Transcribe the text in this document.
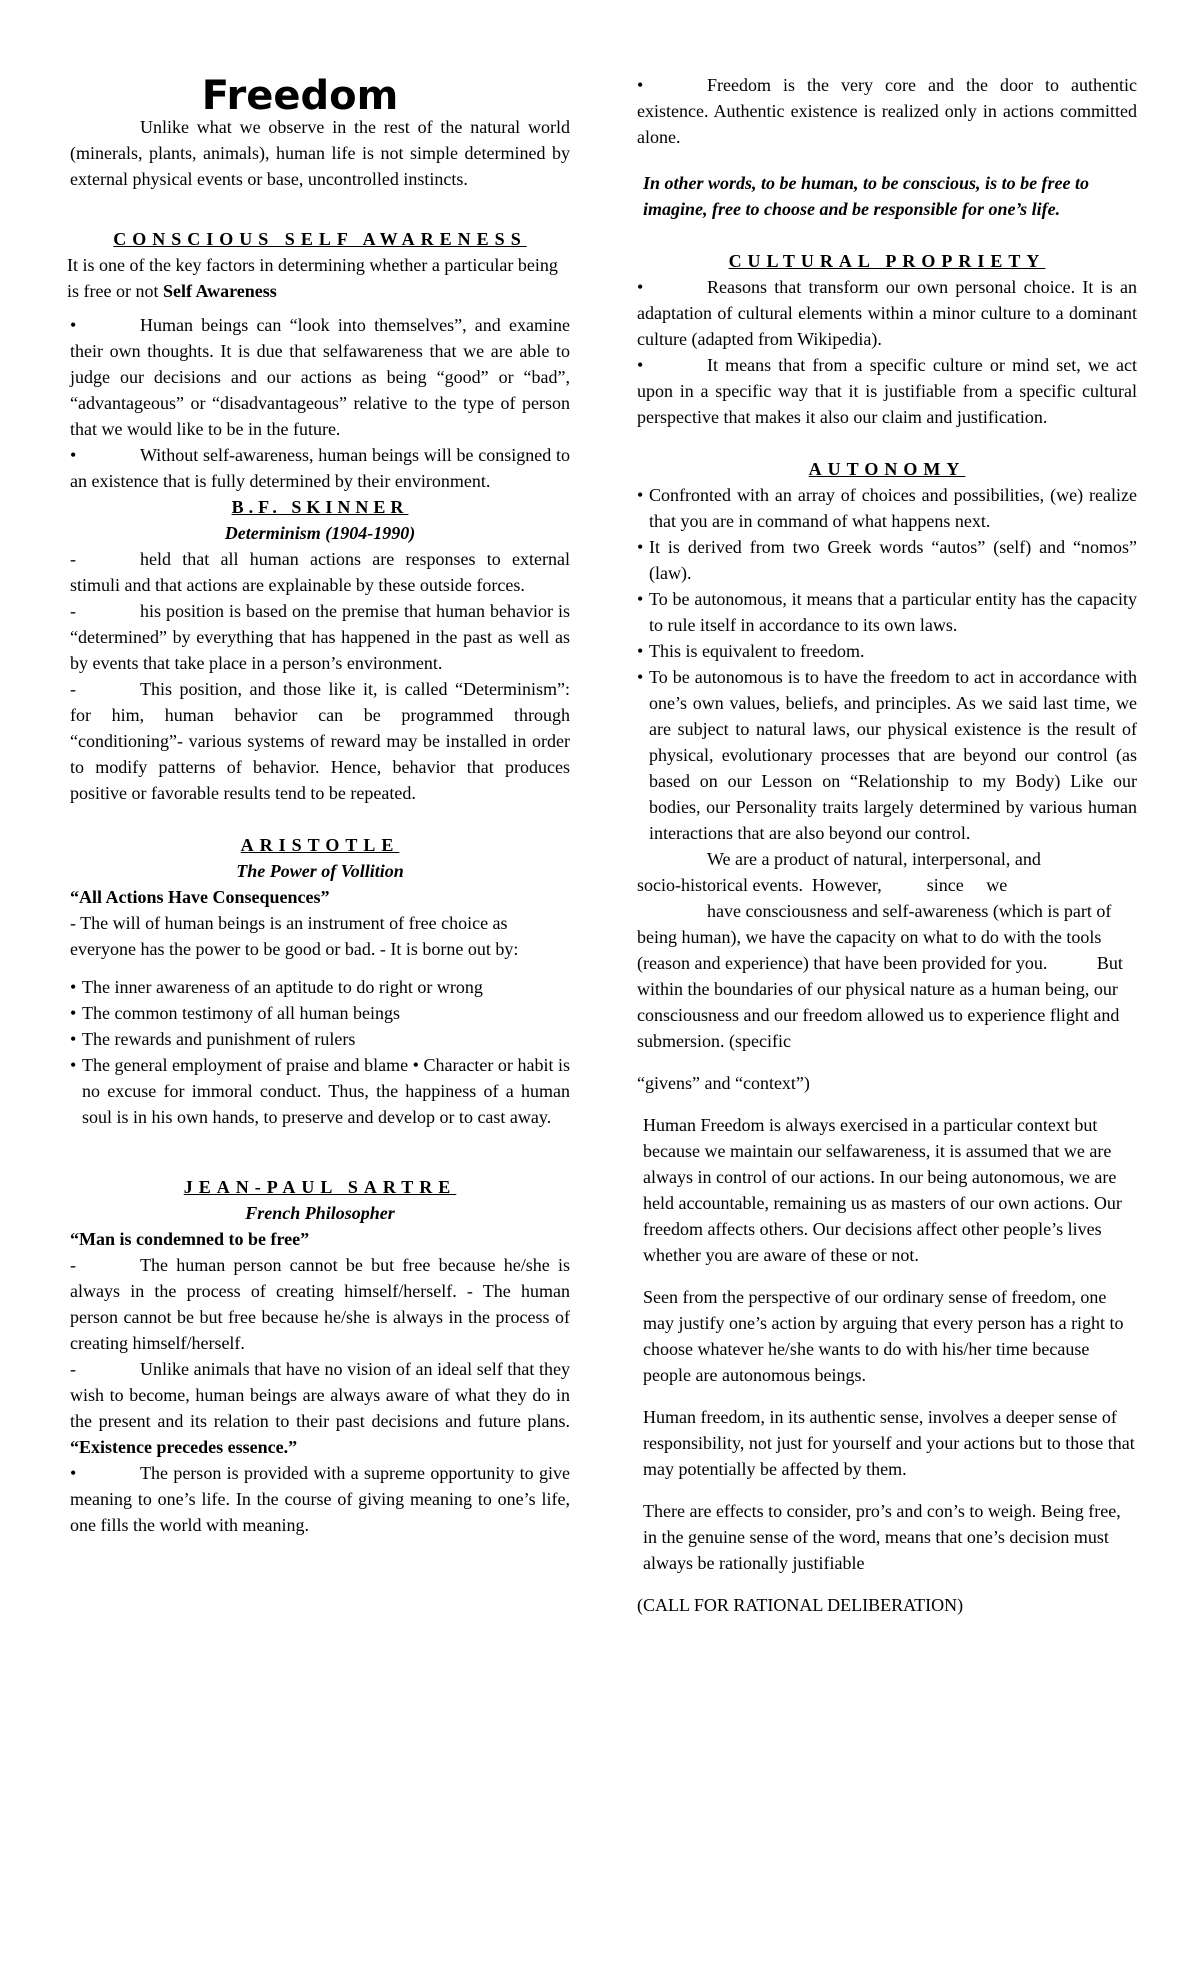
Freedom

Unlike what we observe in the rest of the natural world (minerals, plants, animals), human life is not simple determined by external physical events or base, uncontrolled instincts.

CONSCIOUS SELF AWARENESS

It is one of the key factors in determining whether a particular being is free or not Self Awareness

•	Human beings can “look into themselves”, and examine their own thoughts. It is due that selfawareness that we are able to judge our decisions and our actions as being “good” or “bad”, “advantageous” or “disadvantageous” relative to the type of person that we would like to be in the future.
•	Without self-awareness, human beings will be consigned to an existence that is fully determined by their environment.
B.F. SKINNER
Determinism (1904-1990)
-	held that all human actions are responses to external stimuli and that actions are explainable by these outside forces.
-	his position is based on the premise that human behavior is “determined” by everything that has happened in the past as well as by events that take place in a person’s environment.
-	This position, and those like it, is called “Determinism”: for him, human behavior can be programmed through “conditioning”- various systems of reward may be installed in order to modify patterns of behavior. Hence, behavior that produces positive or favorable results tend to be repeated.
ARISTOTLE
The Power of Vollition
“All Actions Have Consequences”

- The will of human beings is an instrument of free choice as everyone has the power to be good or bad. - It is borne out by:

• The inner awareness of an aptitude to do right or wrong
• The common testimony of all human beings
• The rewards and punishment of rulers
• The general employment of praise and blame • Character or habit is no excuse for immoral conduct. Thus, the happiness of a human soul is in his own hands, to preserve and develop or to cast away.
JEAN-PAUL SARTRE
French Philosopher
“Man is condemned to be free”
-	The human person cannot be but free because he/she is always in the process of creating himself/herself. - The human person cannot be but free because he/she is always in the process of creating himself/herself.
-	Unlike animals that have no vision of an ideal self that they wish to become, human beings are always aware of what they do in the present and its relation to their past decisions and future plans. “Existence precedes essence.”
•	The person is provided with a supreme opportunity to give meaning to one’s life. In the course of giving meaning to one’s life, one fills the world with meaning.
•	Freedom is the very core and the door to authentic existence. Authentic existence is realized only in actions committed alone.

In other words, to be human, to be conscious, is to be free to imagine, free to choose and be responsible for one’s life.

CULTURAL PROPRIETY
•	Reasons that transform our own personal choice. It is an adaptation of cultural elements within a minor culture to a dominant culture (adapted from Wikipedia).
•	It means that from a specific culture or mind set, we act upon in a specific way that it is justifiable from a specific cultural perspective that makes it also our claim and justification.
AUTONOMY
• Confronted with an array of choices and possibilities, (we) realize that you are in command of what happens next.
• It is derived from two Greek words “autos” (self) and “nomos” (law).
• To be autonomous, it means that a particular entity has the capacity to rule itself in accordance to its own laws.
• This is equivalent to freedom.
• To be autonomous is to have the freedom to act in accordance with one’s own values, beliefs, and principles. As we said last time, we are subject to natural laws, our physical existence is the result of physical, evolutionary processes that are beyond our control (as based on our Lesson on “Relationship to my Body) Like our bodies, our Personality traits largely determined by various human interactions that are also beyond our control.

We are a product of natural, interpersonal, and

socio-historical events.  However,          since     we

have consciousness and self-awareness (which is part of being human), we have the capacity on what to do with the tools (reason and experience) that have been provided for you.           But within the boundaries of our physical nature as a human being, our consciousness and our freedom allowed us to experience flight and submersion. (specific

“givens” and “context”)

Human Freedom is always exercised in a particular context but because we maintain our selfawareness, it is assumed that we are always in control of our actions. In our being autonomous, we are held accountable, remaining us as masters of our own actions. Our freedom affects others. Our decisions affect other people’s lives whether you are aware of these or not.

Seen from the perspective of our ordinary sense of freedom, one may justify one’s action by arguing that every person has a right to choose whatever he/she wants to do with his/her time because people are autonomous beings.

Human freedom, in its authentic sense, involves a deeper sense of responsibility, not just for yourself and your actions but to those that may potentially be affected by them.

There are effects to consider, pro’s and con’s to weigh. Being free, in the genuine sense of the word, means that one’s decision must always be rationally justifiable

(CALL FOR RATIONAL DELIBERATION)
